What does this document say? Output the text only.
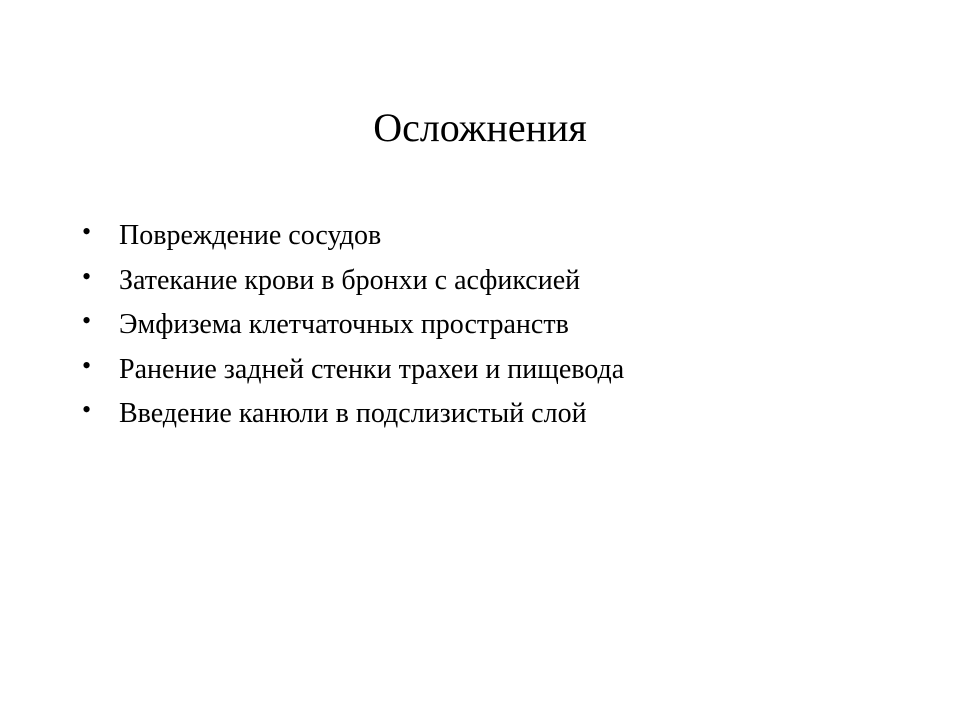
Осложнения
• Повреждение сосудов
• Затекание крови в бронхи с асфиксией
• Эмфизема клетчаточных пространств
• Ранение задней стенки трахеи и пищевода
• Введение канюли в подслизистый слой
